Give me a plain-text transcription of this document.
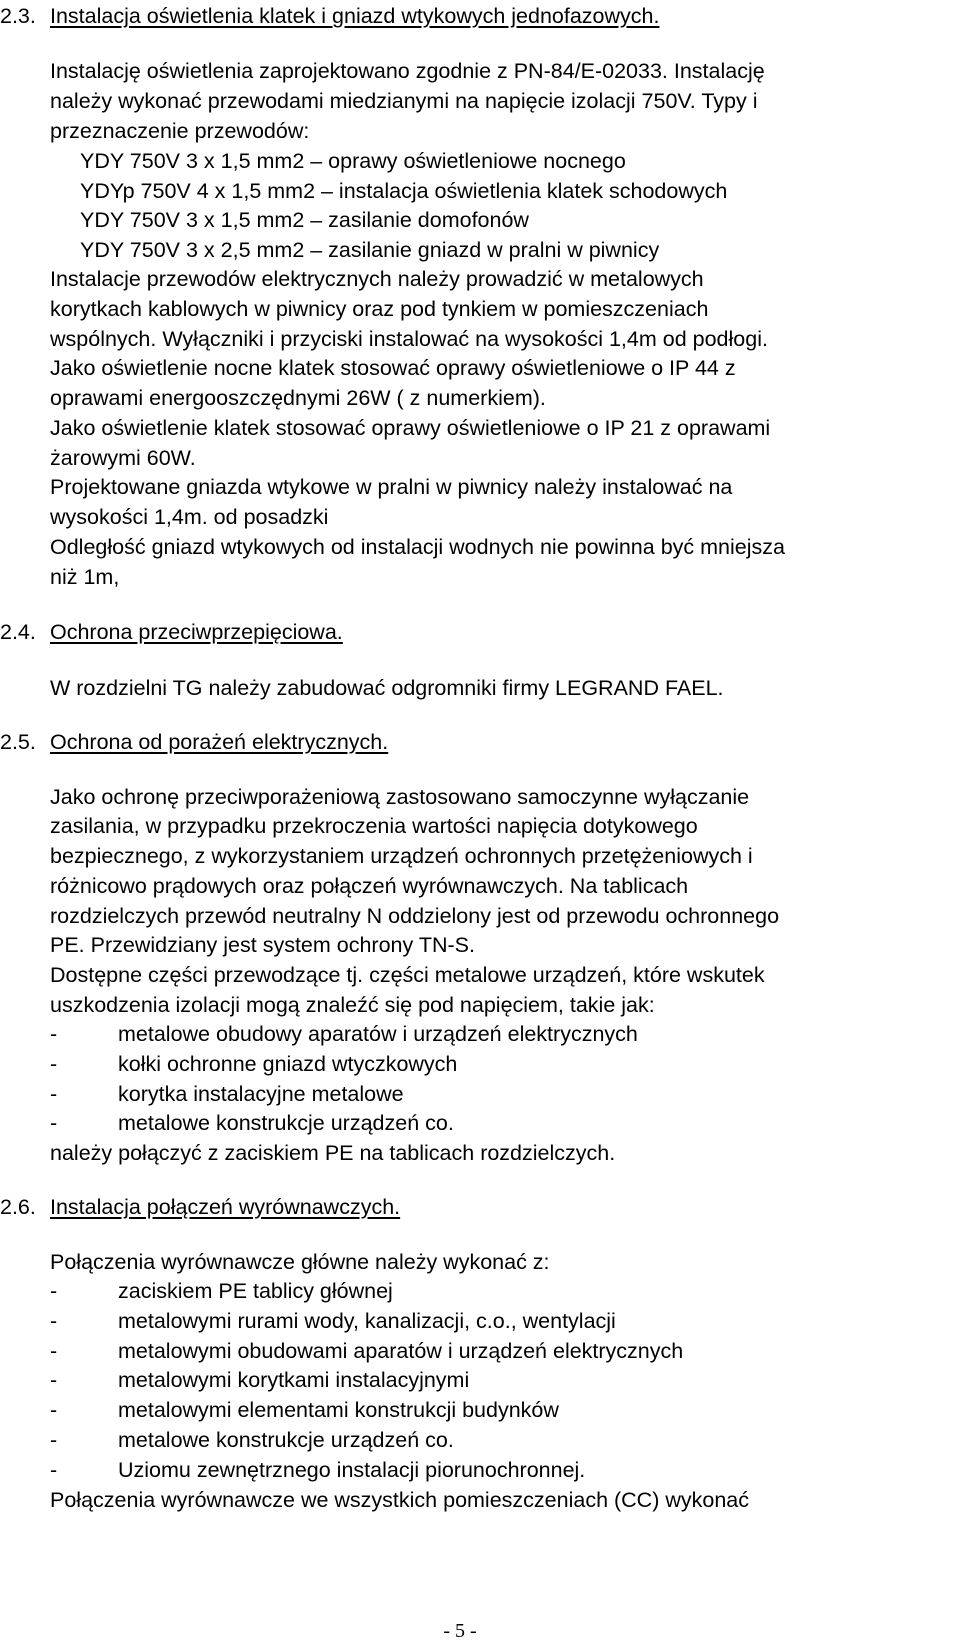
2.3. Instalacja oświetlenia klatek i gniazd wtykowych jednofazowych.
Instalację oświetlenia zaprojektowano zgodnie z PN-84/E-02033. Instalację
należy wykonać przewodami miedzianymi na napięcie izolacji 750V. Typy i
przeznaczenie przewodów:
YDY 750V 3 x 1,5 mm2 – oprawy oświetleniowe nocnego
YDYp 750V 4 x 1,5 mm2 – instalacja oświetlenia klatek schodowych
YDY 750V 3 x 1,5 mm2 – zasilanie domofonów
YDY 750V 3 x 2,5 mm2 – zasilanie gniazd w pralni w piwnicy
Instalacje przewodów elektrycznych należy prowadzić w metalowych
korytkach kablowych w piwnicy oraz pod tynkiem w pomieszczeniach
wspólnych. Wyłączniki i przyciski instalować na wysokości 1,4m od podłogi.
Jako oświetlenie nocne klatek stosować oprawy oświetleniowe o IP 44 z
oprawami energooszczędnymi 26W ( z numerkiem).
Jako oświetlenie klatek stosować oprawy oświetleniowe o IP 21 z oprawami
żarowymi 60W.
Projektowane gniazda wtykowe w pralni w piwnicy należy instalować na
wysokości 1,4m. od posadzki
Odległość gniazd wtykowych od instalacji wodnych nie powinna być mniejsza
niż 1m,
2.4. Ochrona przeciwprzepięciowa.
W rozdzielni TG należy zabudować odgromniki firmy LEGRAND FAEL.
2.5. Ochrona od porażeń elektrycznych.
Jako ochronę przeciwporażeniową zastosowano samoczynne wyłączanie
zasilania, w przypadku przekroczenia wartości napięcia dotykowego
bezpiecznego, z wykorzystaniem urządzeń ochronnych przetężeniowych i
różnicowo prądowych oraz połączeń wyrównawczych. Na tablicach
rozdzielczych przewód neutralny N oddzielony jest od przewodu ochronnego
PE. Przewidziany jest system ochrony TN-S.
Dostępne części przewodzące tj. części metalowe urządzeń, które wskutek
uszkodzenia izolacji mogą znaleźć się pod napięciem, takie jak:
-	metalowe obudowy aparatów i urządzeń elektrycznych
-	kołki ochronne gniazd wtyczkowych
-	korytka instalacyjne metalowe
-	metalowe konstrukcje urządzeń co.
należy połączyć z zaciskiem PE na tablicach rozdzielczych.
2.6. Instalacja połączeń wyrównawczych.
Połączenia wyrównawcze główne należy wykonać z:
-	zaciskiem PE tablicy głównej
-	metalowymi rurami wody, kanalizacji, c.o., wentylacji
-	metalowymi obudowami aparatów i urządzeń elektrycznych
-	metalowymi korytkami instalacyjnymi
-	metalowymi elementami konstrukcji budynków
-	metalowe konstrukcje urządzeń co.
-	Uziomu zewnętrznego instalacji piorunochronnej.
Połączenia wyrównawcze we wszystkich pomieszczeniach (CC) wykonać
- 5 -
